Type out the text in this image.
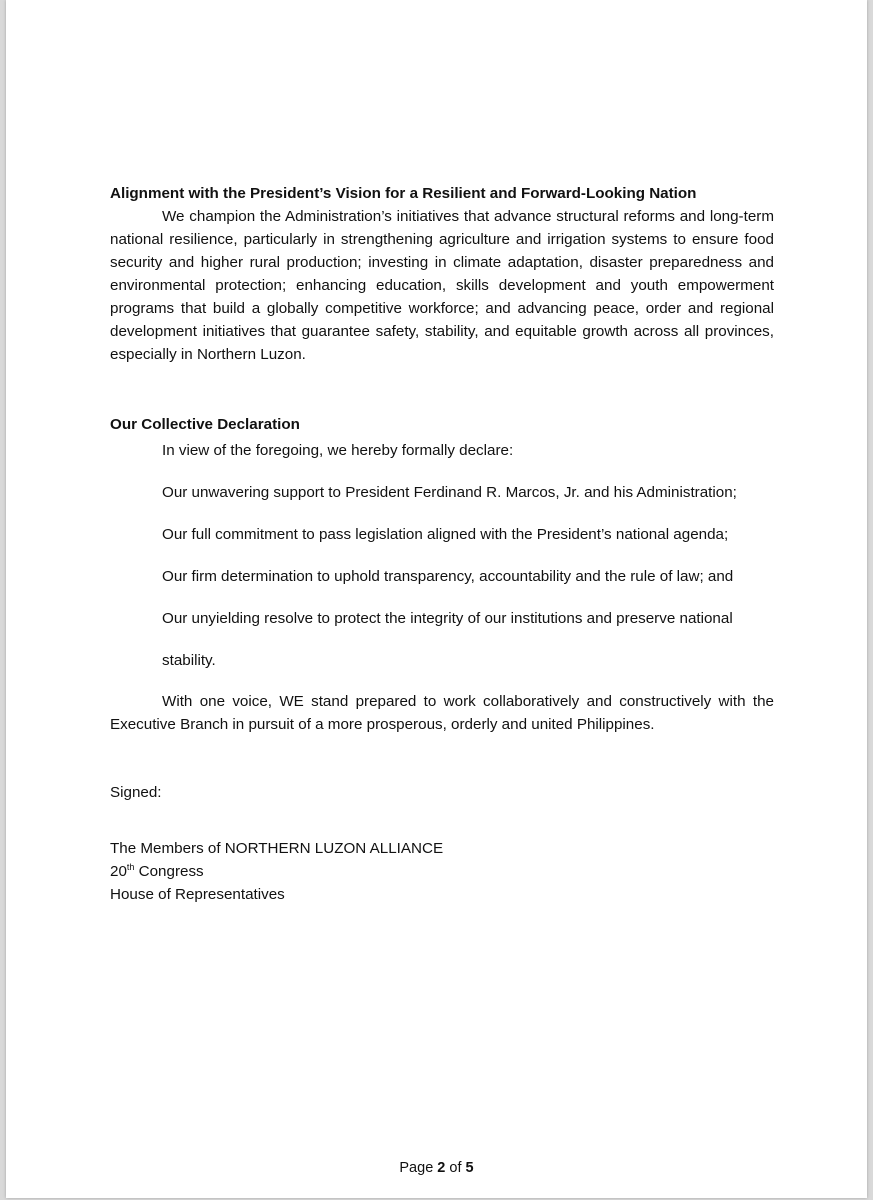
Alignment with the President’s Vision for a Resilient and Forward-Looking Nation

We champion the Administration’s initiatives that advance structural reforms and long-term national resilience, particularly in strengthening agriculture and irrigation systems to ensure food security and higher rural production; investing in climate adaptation, disaster preparedness and environmental protection; enhancing education, skills development and youth empowerment programs that build a globally competitive workforce; and advancing peace, order and regional development initiatives that guarantee safety, stability, and equitable growth across all provinces, especially in Northern Luzon.

Our Collective Declaration

In view of the foregoing, we hereby formally declare:

Our unwavering support to President Ferdinand R. Marcos, Jr. and his Administration;

Our full commitment to pass legislation aligned with the President’s national agenda;

Our firm determination to uphold transparency, accountability and the rule of law; and

Our unyielding resolve to protect the integrity of our institutions and preserve national

stability.

With one voice, WE stand prepared to work collaboratively and constructively with the Executive Branch in pursuit of a more prosperous, orderly and united Philippines.

Signed:

The Members of NORTHERN LUZON ALLIANCE

20th Congress

House of Representatives

Page 2 of 5
